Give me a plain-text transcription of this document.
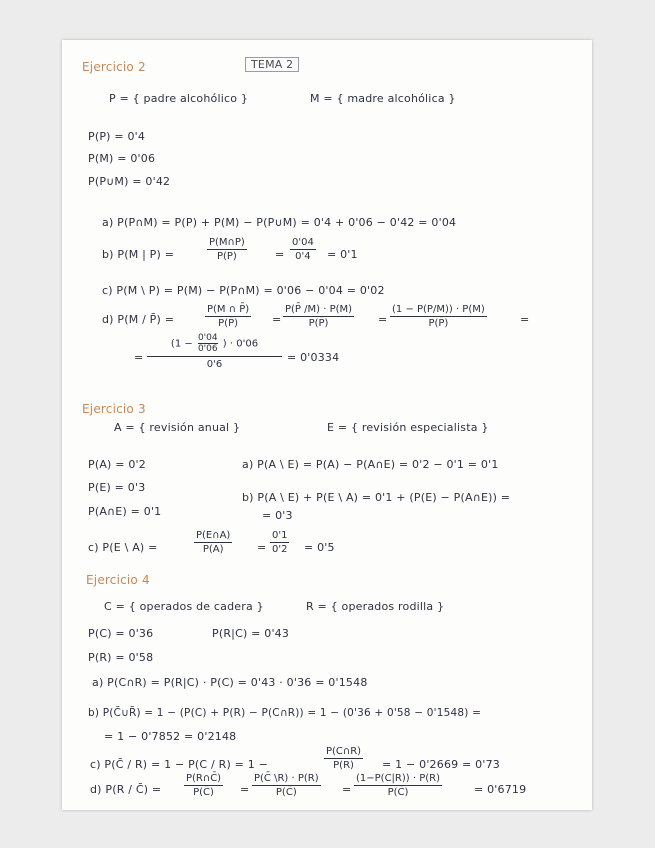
Ejercicio 2	TEMA 2
P = { padre alcohólico }	M = { madre alcohólica }
P(P) = 0'4
P(M) = 0'06
P(P∪M) = 0'42
a) P(P∩M) = P(P) + P(M) − P(P∪M) = 0'4 + 0'06 − 0'42 = 0'04
b) P(M | P) =	$\frac{P(M\cap P)}{P(P)}$	= $\frac{0'04}{0'4} = 0'1$
c) P(M \ P) = P(M) − P(P∩M) = 0'06 − 0'04 = 0'02
d) P(M / P̄) =	$\frac{P(M \cap P̄)}{P(P̄)} = \frac{P(P̄ /M) \cdot P(M)}{P(P̄)} = \frac{(1 - P(P/M)) \cdot P(M)}{P(P̄)}$	=
=
($1 - \frac{0'04}{0'06}$ ) · 0'06
0'6
= 0'0334
Ejercicio 3
A = { revisión anual }	E = { revisión especialista }
P(A) = 0'2
P(E) = 0'3
P(A∩E) = 0'1
a) P(A \ E) = P(A) − P(A∩E) = 0'2 − 0'1 = 0'1
b) P(A \ E) + P(E \ A) = 0'1 + (P(E) − P(A∩E)) =
= 0'3
c) P(E \ A) =	$\frac{P(E\cap A)}{P(A)} = \frac{0'1}{0'2} = 0'5$
Ejercicio 4
C = { operados de cadera }	R = { operados rodilla }
P(C) = 0'36	P(R|C) = 0'43
P(R) = 0'58
a) P(C∩R) = P(R|C) · P(C) = 0'43 · 0'36 = 0'1548
b) P(C̄∪R̄) = 1 − (P(C) + P(R) − P(C∩R)) = 1 − (0'36 + 0'58 − 0'1548) =
= 1 − 0'7852 = 0'2148
c) P(C̄ / R) = 1 − P(C / R) = 1 −	$\frac{P(C\cap R)}{P(R)} = 1 - 0'2669 = 0'73$
d) P(R / C̄) = $\frac{P(R\cap C̄)}{P(C̄)} = \frac{P(C̄ \backslash R) \cdot P(R)}{P(C̄)} = \frac{(1-P(C|R)) \cdot P(R)}{P(C̄)}$	= 0'6719
